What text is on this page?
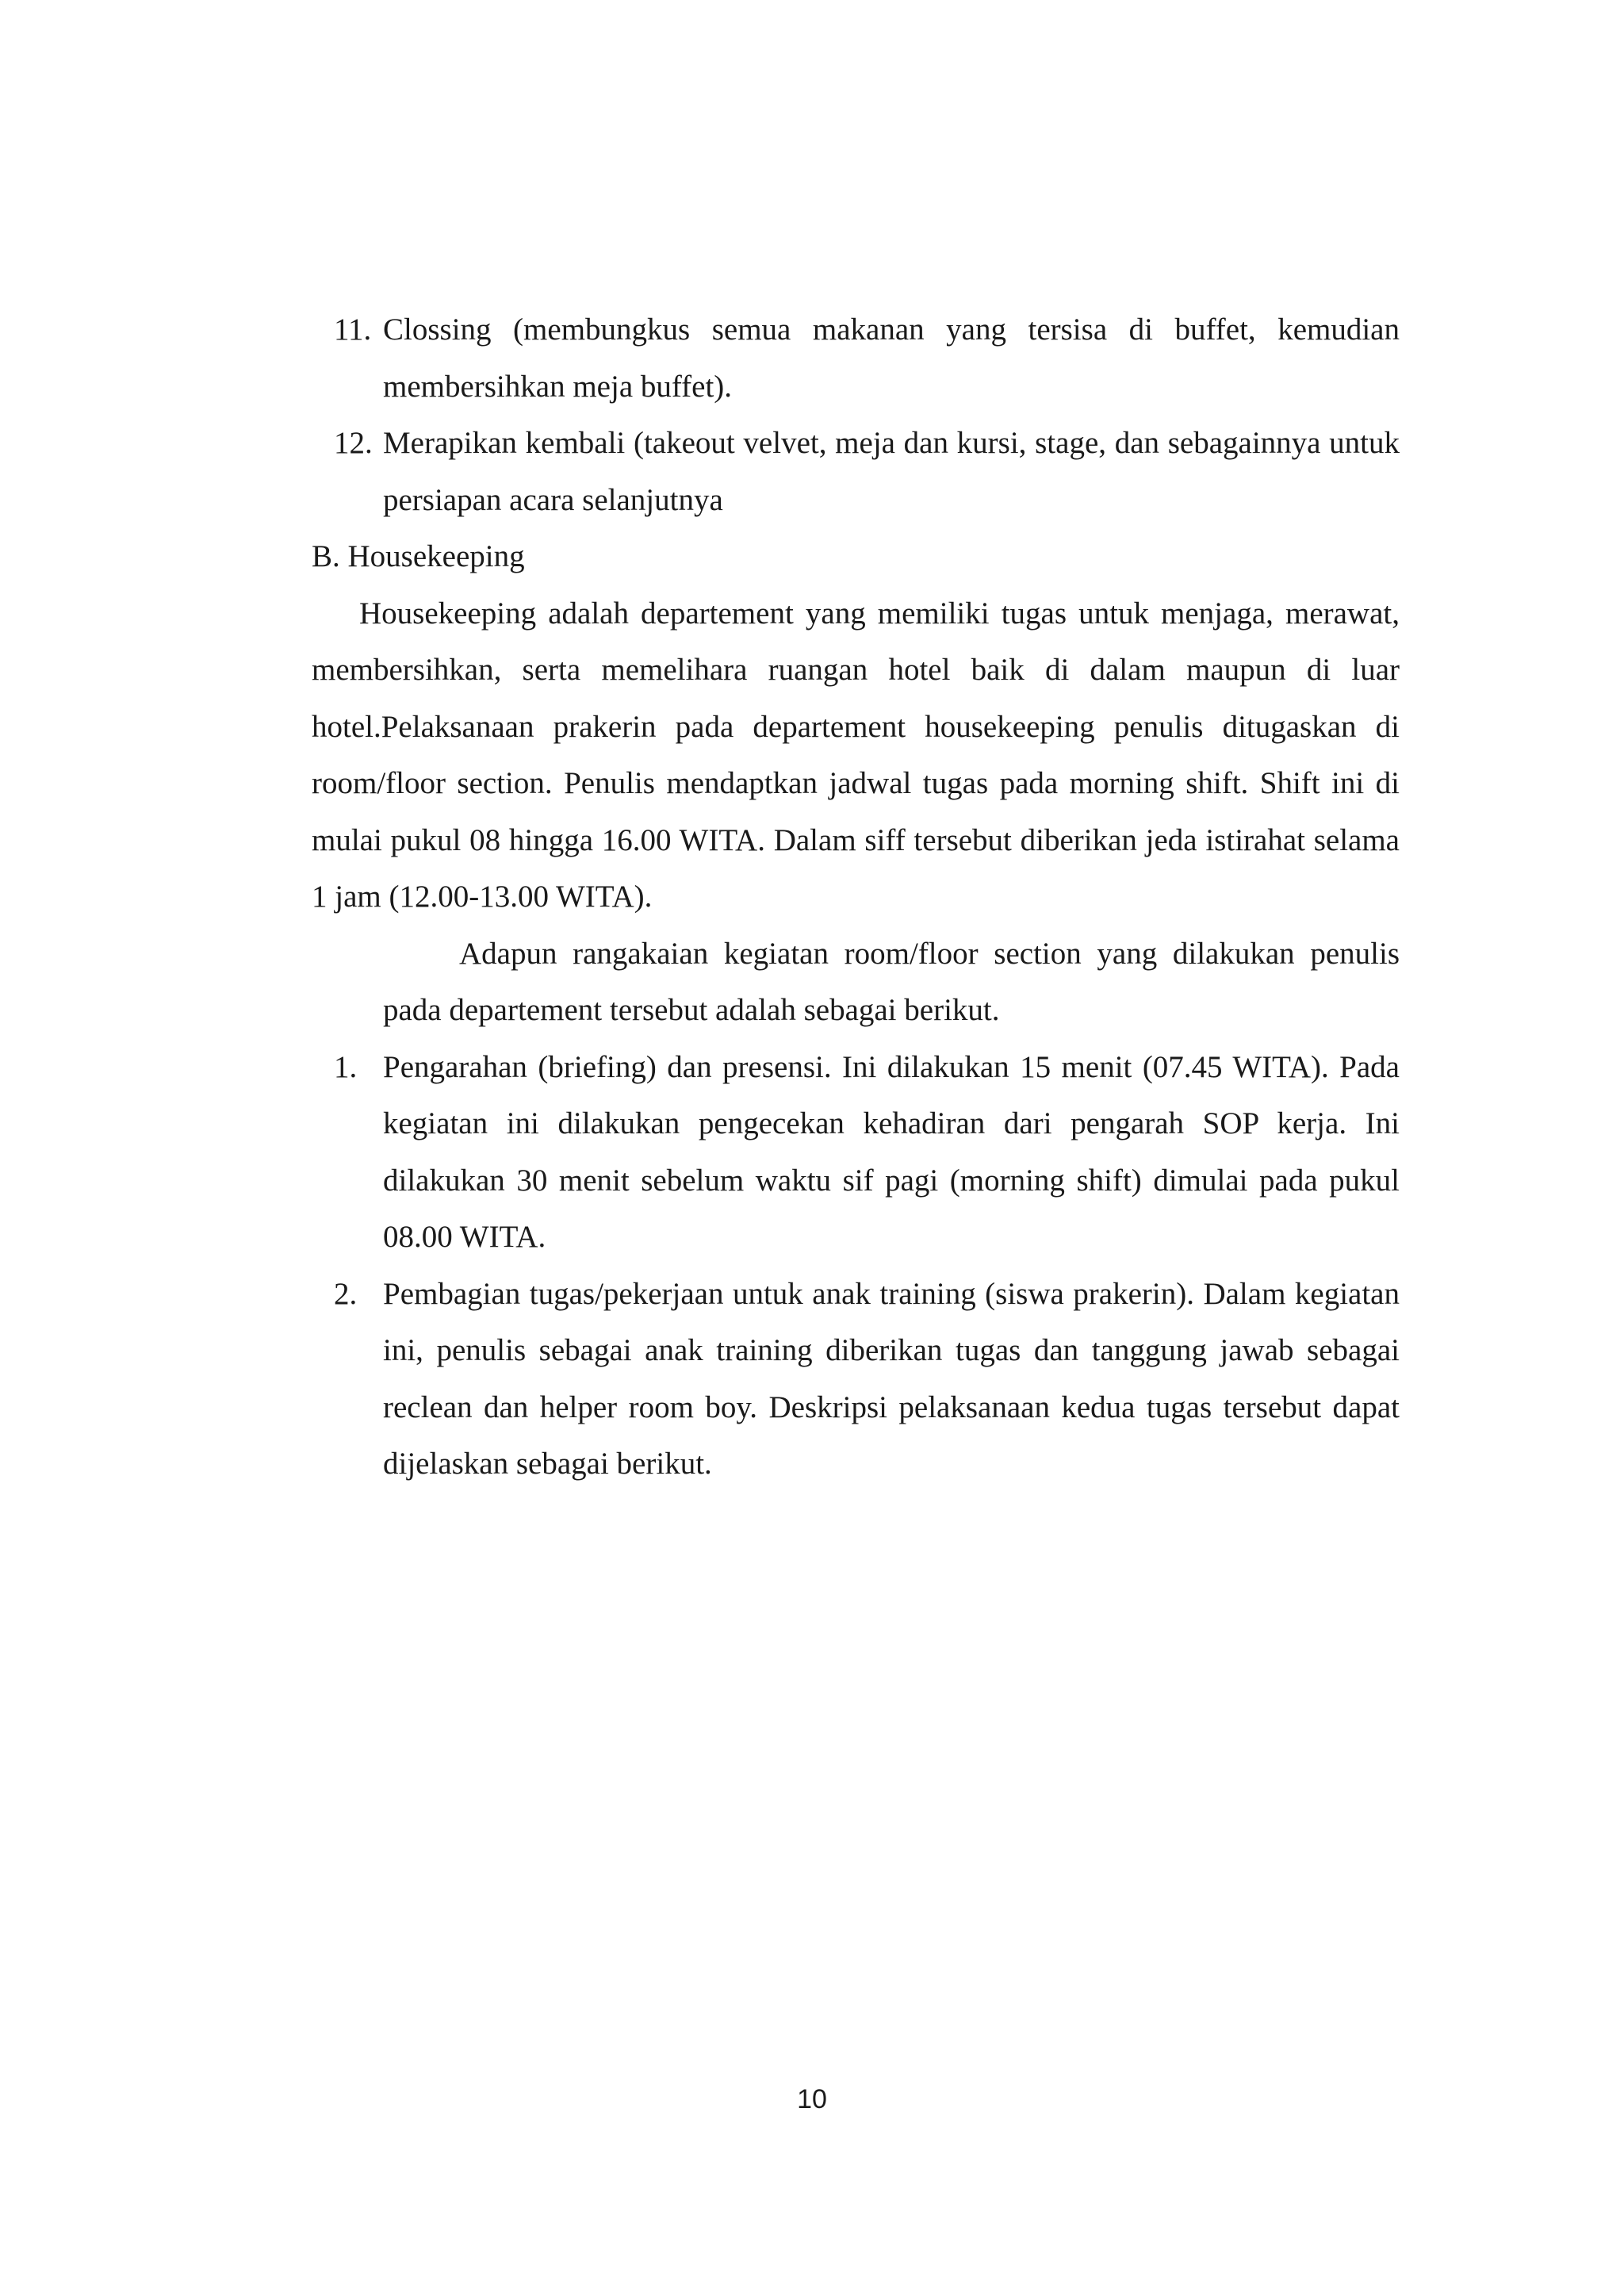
11. Clossing (membungkus semua makanan yang tersisa di buffet, kemudian membersihkan meja buffet).
12. Merapikan kembali (takeout velvet, meja dan kursi, stage, dan sebagainnya untuk persiapan acara selanjutnya

B. Housekeeping

Housekeeping adalah departement yang memiliki tugas untuk menjaga, merawat, membersihkan, serta memelihara ruangan hotel baik di dalam maupun di luar hotel.Pelaksanaan prakerin pada departement housekeeping penulis ditugaskan di room/floor section. Penulis mendaptkan jadwal tugas pada morning shift. Shift ini di mulai pukul 08 hingga 16.00 WITA. Dalam siff tersebut diberikan jeda istirahat selama 1 jam (12.00-13.00 WITA).

Adapun rangakaian kegiatan room/floor section yang dilakukan penulis pada departement tersebut adalah sebagai berikut.

1. Pengarahan (briefing) dan presensi. Ini dilakukan 15 menit (07.45 WITA). Pada kegiatan ini dilakukan pengecekan kehadiran dari pengarah SOP kerja. Ini dilakukan 30 menit sebelum waktu sif pagi (morning shift) dimulai pada pukul 08.00 WITA.
2. Pembagian tugas/pekerjaan untuk anak training (siswa prakerin). Dalam kegiatan ini, penulis sebagai anak training diberikan tugas dan tanggung jawab sebagai reclean dan helper room boy. Deskripsi pelaksanaan kedua tugas tersebut dapat dijelaskan sebagai berikut.
10
